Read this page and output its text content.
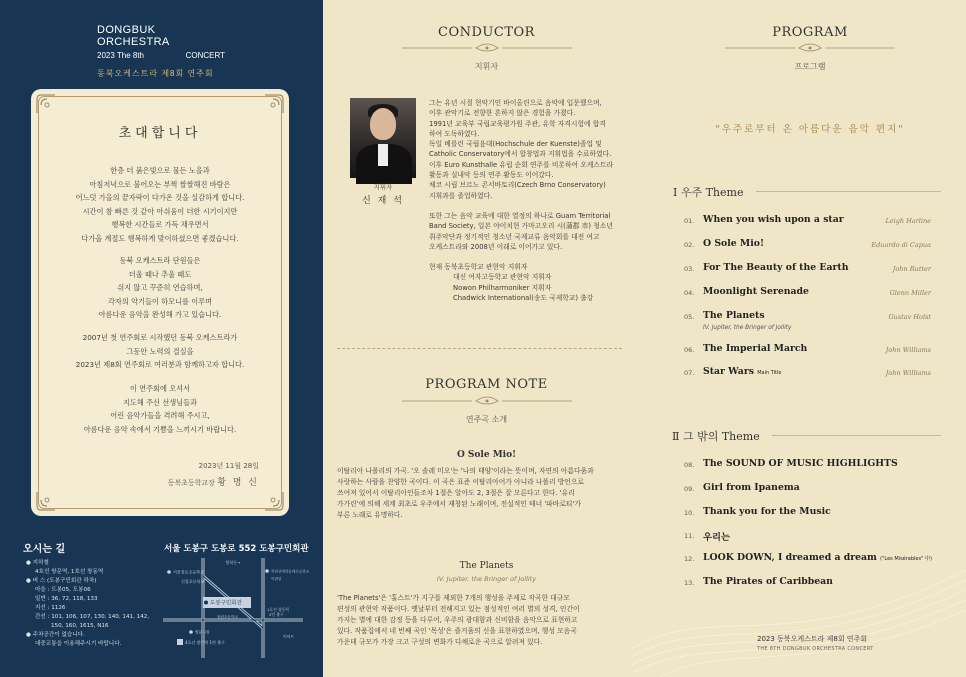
DONGBUK ORCHESTRA
2023 The 8th	CONCERT
동북오케스트라 제8회 연주회
초대합니다
한층 더 붉은빛으로 물든 노을과
아침저녁으로 불어오는 부쩍 쌀쌀해진 바람은
어느덧 가을의 끝자락이 다가온 것을 실감하게 합니다.
시간이 참 빠른 것 같아 아쉬움이 더한 시기이지만
행복한 시간들로 가득 채우면서
다가올 계절도 행복하게 맞이하셨으면 좋겠습니다.
동북 오케스트라 단원들은
더울 때나 추울 때도
쉬지 않고 꾸준히 연습하며,
각자의 악기들이 하모니를 이루며
아름다운 음악을 완성해 가고 있습니다.
2007년 첫 연주회로 시작했던 동북 오케스트라가
그동안 노력의 결실을
2023년 제8회 연주회로 여러분과 함께하고자 합니다.
이 연주회에 오셔서
지도해 주신 선생님들과
어린 음악가들을 격려해 주시고,
아름다운 음악 속에서 기쁨을 느끼시기 바랍니다.
2023년 11월 28일
동북초등학교장 황 명 신
오시는 길
● 지하철
4호선 쌍문역, 1호선 창동역
● 버 스 (도봉구민회관 하차)
마을 : 도봉05, 도봉06
일반 : 36, 72, 118, 133
지선 : 1126
간선 : 101, 106, 107, 130, 140, 141, 142,
150, 160, 1615, N16
● 주차공간이 없습니다.
대중교통을 이용해주시기 바랍니다.
서울 도봉구 도봉로 552 도봉구민회관
방학동→
서울창동초등학교
신창초등학교
북한산대학동대초등학교
이편한
도봉구민회관
창원초등학교
1호선 창동역
2번 출구
이마트
쌍문시장
4호선 쌍문역 1번 출구
CONDUCTOR
지휘자
지휘자
신 재 석
그는 유년 시절 현악기인 바이올린으로 음악에 입문했으며,
이후 관악기로 전향한 흔하지 않은 경험을 가졌다.
1991년 교육부 국립교육평가원 주관, 유학 자격시험에 합격
하여 도독하였다.
독일 베를린 국립음대(Hochschule der Kuenste)졸업 및
Catholic Conservatory에서 합창법과 지휘법을 수료하였다.
이후 Euro Kunsthalle 유럽 순회 연주를 비롯하여 오케스트라
활동과 실내악 등의 연주 활동도 이어갔다.
체코 시립 브르노 콘서바토리(Czech Brno Conservatory)
지휘과를 졸업하였다.
또한 그는 음악 교육에 대한 열정의 하나로 Guam Territorial
Band Society, 일본 야이치현 가마고오리 시(蒲郡 市) 청소년
취주악단과 정기적인 청소년 국제교류 음악회를 대전 여고
오케스트라와 2008년 이래로 이어가고 있다.
현재 동북초등학교 관현악 지휘자
대신 여자고등학교 관현악 지휘자
Nowon Philharmoniker 지휘자
Chadwick International(송도 국제학교) 출강
PROGRAM NOTE
연주곡 소개
O Sole Mio!
이탈리아 나폴리의 가곡. '오 솔레 미오'는 '나의 태양'이라는 뜻이며, 자연의 아름다움과
사랑하는 사람을 찬양한 곡이다. 이 곡은 표준 이탈리아어가 아니라 나폴리 방언으로
쓰여져 있어서 이탈리아인들조차 1절은 알아도 2, 3절은 잘 모른다고 한다. '유리
가가린'에 의해 세계 최초로 우주에서 재창된 노래이며, 전설적인 테너 '파바로티'가
부른 노래로 유명하다.
The Planets
IV. Jupiter, the Bringer of Jollity
'The Planets'은 '홀스트'가 지구를 제외한 7개의 행성을 주제로 작곡한 대규모
편성의 관현악 작품이다. 옛날부터 전해지고 있는 점성적인 여러 별의 성격, 인간이
가지는 별에 대한 감정 등을 다루어, 우주의 광대함과 신비함을 음악으로 표현하고
있다. 작품집에서 네 번째 곡인 '목성'은 즐거움의 신을 표현하였으며, 행성 모음곡
가운데 규모가 가장 크고 구성의 변화가 다채로운 곡으로 알려져 있다.
PROGRAM
프로그램
"우주로부터 온 아름다운 음악 편지"
Ⅰ 우주 Theme
01. When you wish upon a star	Leigh Harline
02. O Sole Mio!	Eduardo di Capua
03. For The Beauty of the Earth	John Rutter
04. Moonlight Serenade	Glenn Miller
05. The Planets	Gustav Holst
IV. Jupiter, the Bringer of Jollity
06. The Imperial March	John Williams
07. Star Wars Main Title	John Williams
Ⅱ 그 밖의 Theme
08. The SOUND OF MUSIC HIGHLIGHTS
09. Girl from Ipanema
10. Thank you for the Music
11. 우리는
12. LOOK DOWN, I dreamed a dream ("Les Misérables" 中)
13. The Pirates of Caribbean
2023 동북오케스트라 제8회 연주회
THE 8TH DONGBUK ORCHESTRA CONCERT
